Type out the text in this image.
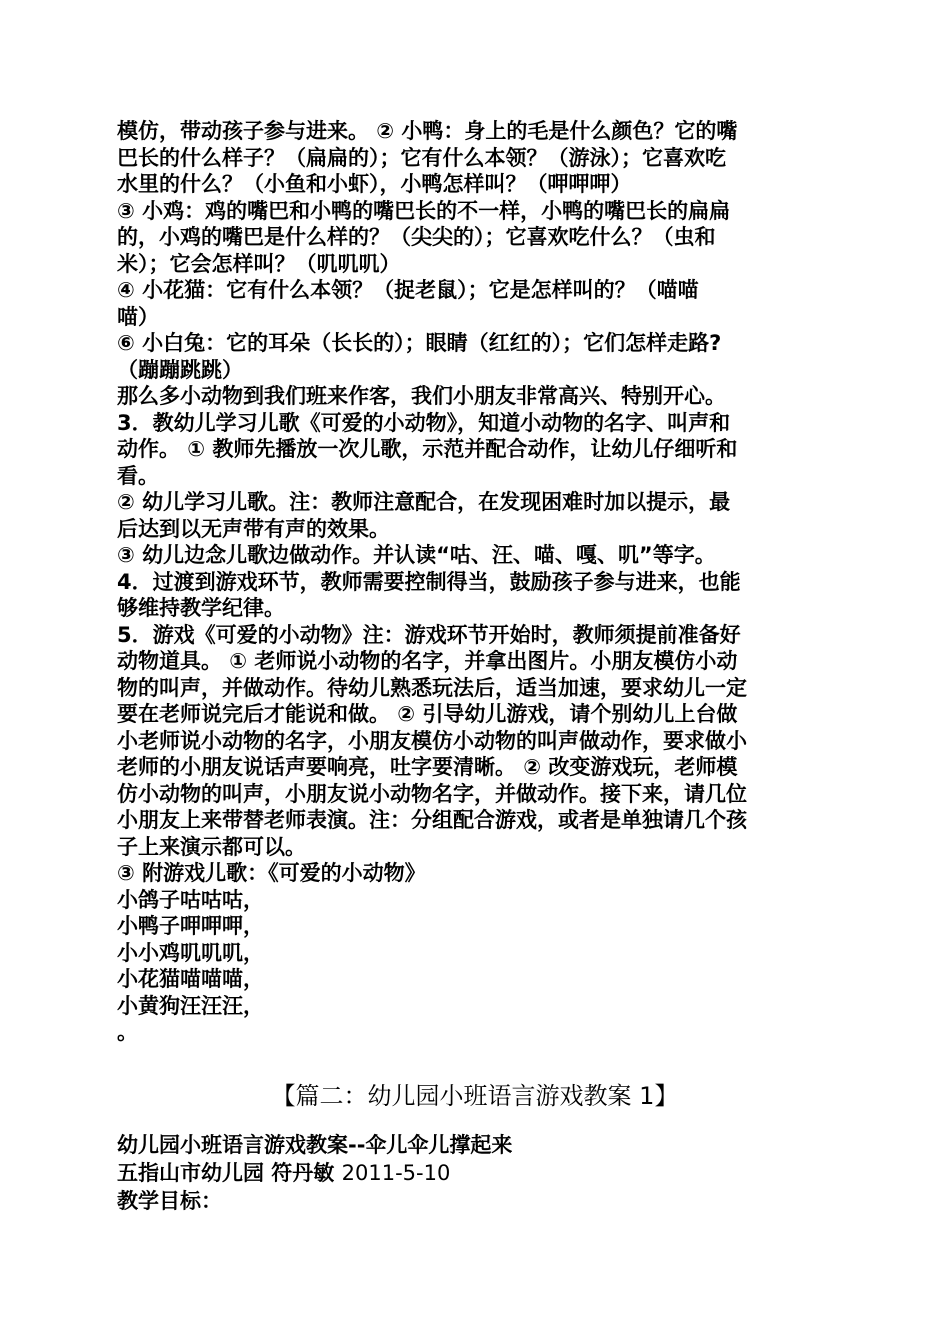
模仿，带动孩子参与进来。 ② 小鸭：身上的毛是什么颜色？它的嘴
巴长的什么样子？（扁扁的）；它有什么本领？（游泳）；它喜欢吃
水里的什么？（小鱼和小虾），小鸭怎样叫？（呷呷呷）
③ 小鸡：鸡的嘴巴和小鸭的嘴巴长的不一样，小鸭的嘴巴长的扁扁
的，小鸡的嘴巴是什么样的？（尖尖的）；它喜欢吃什么？（虫和
米）；它会怎样叫？（叽叽叽）
④ 小花猫：它有什么本领？（捉老鼠）；它是怎样叫的？（喵喵
喵）
⑥ 小白兔：它的耳朵（长长的）；眼睛（红红的）；它们怎样走路?
（蹦蹦跳跳）
那么多小动物到我们班来作客，我们小朋友非常高兴、特别开心。
3．教幼儿学习儿歌《可爱的小动物》，知道小动物的名字、叫声和
动作。 ① 教师先播放一次儿歌，示范并配合动作，让幼儿仔细听和
看。
② 幼儿学习儿歌。注：教师注意配合，在发现困难时加以提示，最
后达到以无声带有声的效果。
③ 幼儿边念儿歌边做动作。并认读“咕、汪、喵、嘎、叽”等字。
4．过渡到游戏环节，教师需要控制得当，鼓励孩子参与进来，也能
够维持教学纪律。
5．游戏《可爱的小动物》注：游戏环节开始时，教师须提前准备好
动物道具。 ① 老师说小动物的名字，并拿出图片。小朋友模仿小动
物的叫声，并做动作。待幼儿熟悉玩法后，适当加速，要求幼儿一定
要在老师说完后才能说和做。 ② 引导幼儿游戏，请个别幼儿上台做
小老师说小动物的名字，小朋友模仿小动物的叫声做动作，要求做小
老师的小朋友说话声要响亮，吐字要清晰。 ② 改变游戏玩，老师模
仿小动物的叫声，小朋友说小动物名字，并做动作。接下来，请几位
小朋友上来带替老师表演。注：分组配合游戏，或者是单独请几个孩
子上来演示都可以。
③ 附游戏儿歌：《可爱的小动物》
小鸽子咕咕咕，
小鸭子呷呷呷，
小小鸡叽叽叽，
小花猫喵喵喵，
小黄狗汪汪汪，
。
【篇二：幼儿园小班语言游戏教案 1】
幼儿园小班语言游戏教案--伞儿伞儿撑起来
五指山市幼儿园 符丹敏 2011-5-10
教学目标：
